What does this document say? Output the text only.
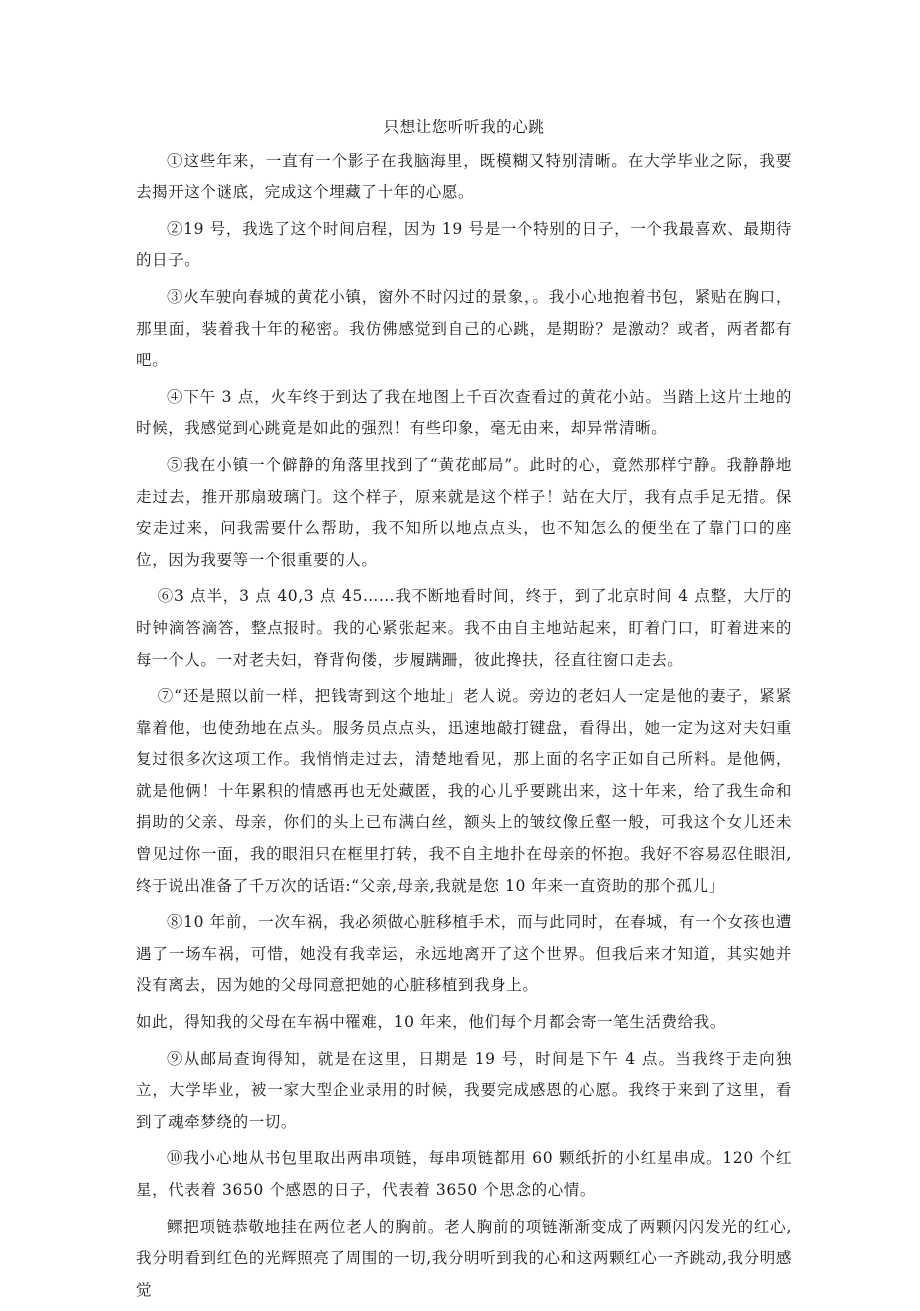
只想让您听听我的心跳

①这些年来，一直有一个影子在我脑海里，既模糊又特别清晰。在大学毕业之际，我要去揭开这个谜底，完成这个埋藏了十年的心愿。

②19 号，我选了这个时间启程，因为 19 号是一个特别的日子，一个我最喜欢、最期待的日子。

③火车驶向春城的黄花小镇，窗外不时闪过的景象，。我小心地抱着书包，紧贴在胸口，那里面，装着我十年的秘密。我仿佛感觉到自己的心跳，是期盼？是激动？或者，两者都有吧。

④下午 3 点，火车终于到达了我在地图上千百次查看过的黄花小站。当踏上这片土地的时候，我感觉到心跳竟是如此的强烈！有些印象，毫无由来，却异常清晰。

⑤我在小镇一个僻静的角落里找到了“黄花邮局”。此时的心，竟然那样宁静。我静静地走过去，推开那扇玻璃门。这个样子，原来就是这个样子！站在大厅，我有点手足无措。保安走过来，问我需要什么帮助，我不知所以地点点头，也不知怎么的便坐在了靠门口的座位，因为我要等一个很重要的人。

⑥3 点半，3 点 40,3 点 45……我不断地看时间，终于，到了北京时间 4 点整，大厅的时钟滴答滴答，整点报时。我的心紧张起来。我不由自主地站起来，盯着门口，盯着进来的每一个人。一对老夫妇，脊背佝偻，步履蹒跚，彼此搀扶，径直往窗口走去。

⑦“还是照以前一样，把钱寄到这个地址」老人说。旁边的老妇人一定是他的妻子，紧紧靠着他，也使劲地在点头。服务员点点头，迅速地敲打键盘，看得出，她一定为这对夫妇重复过很多次这项工作。我悄悄走过去，清楚地看见，那上面的名字正如自己所料。是他俩，就是他俩！十年累积的情感再也无处藏匿，我的心儿乎要跳出来，这十年来，给了我生命和捐助的父亲、母亲，你们的头上已布满白丝，额头上的皱纹像丘壑一般，可我这个女儿还未曾见过你一面，我的眼泪只在框里打转，我不自主地扑在母亲的怀抱。我好不容易忍住眼泪,终于说出准备了千万次的话语:“父亲,母亲,我就是您 10 年来一直资助的那个孤儿」

⑧10 年前，一次车祸，我必须做心脏移植手术，而与此同时，在春城，有一个女孩也遭遇了一场车祸，可惜，她没有我幸运，永远地离开了这个世界。但我后来才知道，其实她并没有离去，因为她的父母同意把她的心脏移植到我身上。

如此，得知我的父母在车祸中罹难，10 年来，他们每个月都会寄一笔生活费给我。

⑨从邮局查询得知，就是在这里，日期是 19 号，时间是下午 4 点。当我终于走向独立，大学毕业，被一家大型企业录用的时候，我要完成感恩的心愿。我终于来到了这里，看到了魂牵梦绕的一切。

⑩我小心地从书包里取出两串项链，每串项链都用 60 颗纸折的小红星串成。120 个红星，代表着 3650 个感恩的日子，代表着 3650 个思念的心情。

鳏把项链恭敬地挂在两位老人的胸前。老人胸前的项链渐渐变成了两颗闪闪发光的红心,我分明看到红色的光辉照亮了周围的一切,我分明听到我的心和这两颗红心一齐跳动,我分明感觉
